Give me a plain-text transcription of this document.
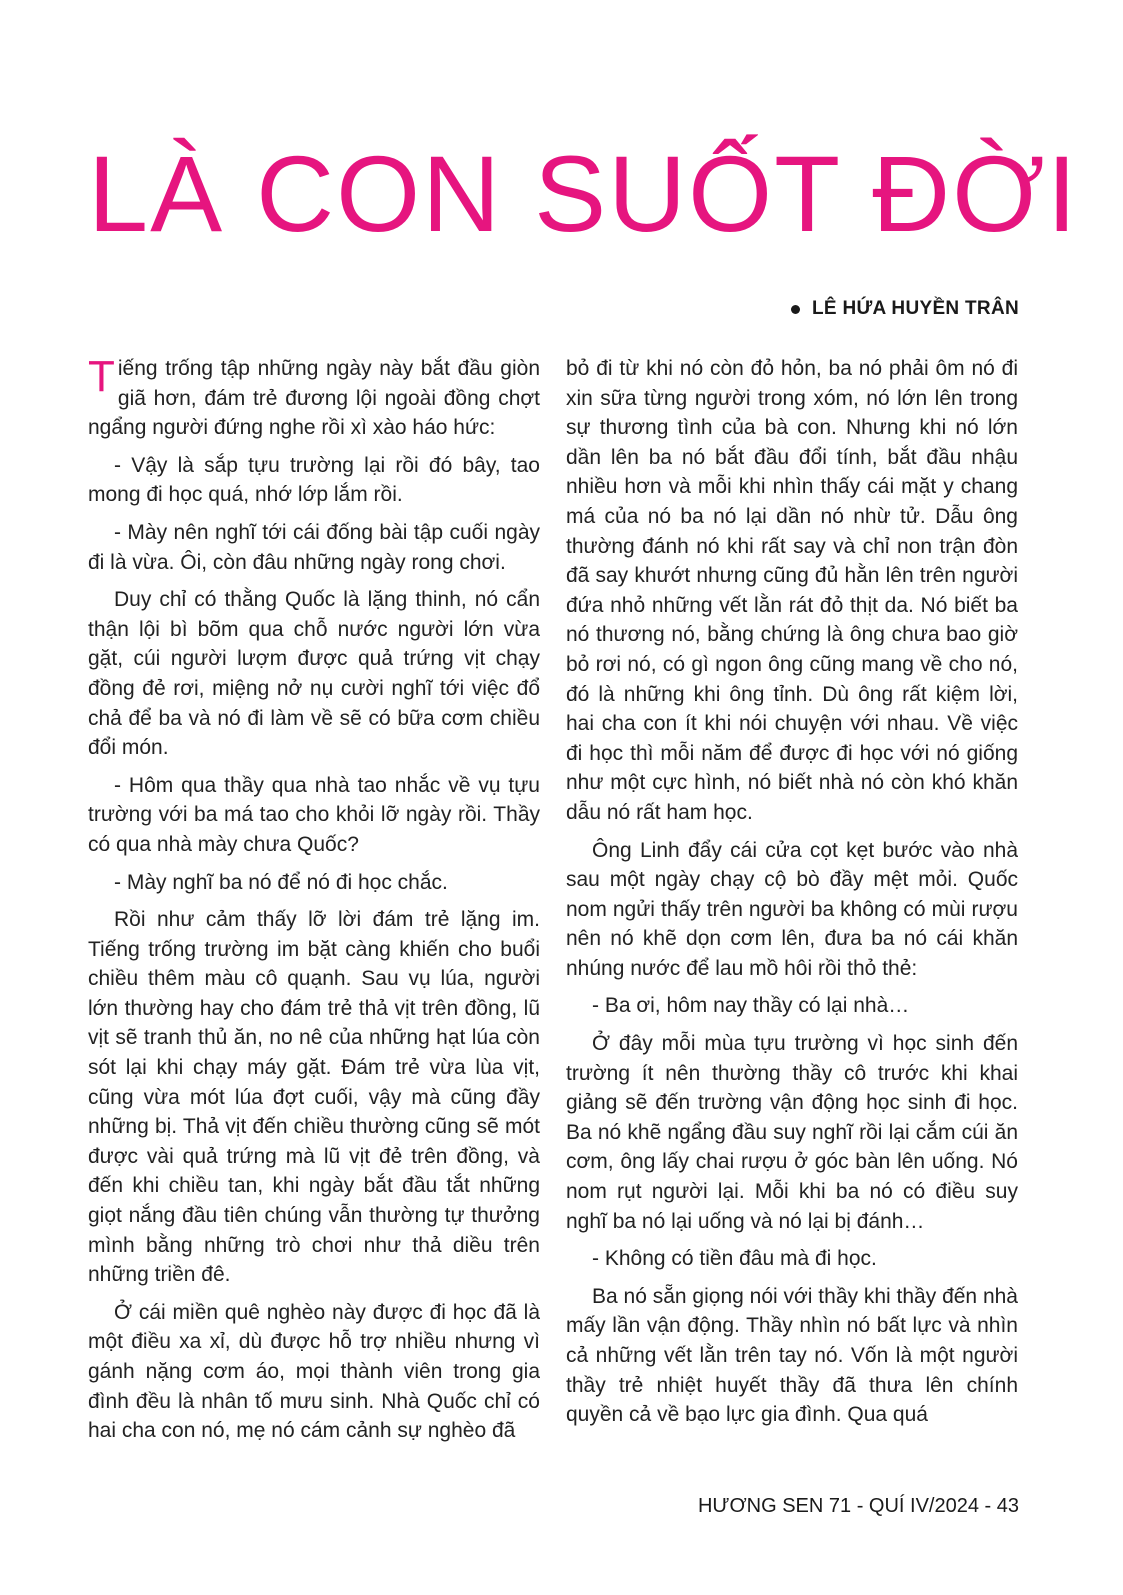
LÀ CON SUỐT ĐỜI
LÊ HỨA HUYỀN TRÂN

Tiếng trống tập những ngày này bắt đầu giòn giã hơn, đám trẻ đương lội ngoài đồng chợt ngẩng người đứng nghe rồi xì xào háo hức:

- Vậy là sắp tựu trường lại rồi đó bây, tao mong đi học quá, nhớ lớp lắm rồi.

- Mày nên nghĩ tới cái đống bài tập cuối ngày đi là vừa. Ôi, còn đâu những ngày rong chơi.

Duy chỉ có thằng Quốc là lặng thinh, nó cẩn thận lội bì bõm qua chỗ nước người lớn vừa gặt, cúi người lượm được quả trứng vịt chạy đồng đẻ rơi, miệng nở nụ cười nghĩ tới việc đổ chả để ba và nó đi làm về sẽ có bữa cơm chiều đổi món.

- Hôm qua thầy qua nhà tao nhắc về vụ tựu trường với ba má tao cho khỏi lỡ ngày rồi. Thầy có qua nhà mày chưa Quốc?

- Mày nghĩ ba nó để nó đi học chắc.

Rồi như cảm thấy lỡ lời đám trẻ lặng im. Tiếng trống trường im bặt càng khiến cho buổi chiều thêm màu cô quạnh. Sau vụ lúa, người lớn thường hay cho đám trẻ thả vịt trên đồng, lũ vịt sẽ tranh thủ ăn, no nê của những hạt lúa còn sót lại khi chạy máy gặt. Đám trẻ vừa lùa vịt, cũng vừa mót lúa đợt cuối, vậy mà cũng đầy những bị. Thả vịt đến chiều thường cũng sẽ mót được vài quả trứng mà lũ vịt đẻ trên đồng, và đến khi chiều tan, khi ngày bắt đầu tắt những giọt nắng đầu tiên chúng vẫn thường tự thưởng mình bằng những trò chơi như thả diều trên những triền đê.

Ở cái miền quê nghèo này được đi học đã là một điều xa xỉ, dù được hỗ trợ nhiều nhưng vì gánh nặng cơm áo, mọi thành viên trong gia đình đều là nhân tố mưu sinh. Nhà Quốc chỉ có hai cha con nó, mẹ nó cám cảnh sự nghèo đã

bỏ đi từ khi nó còn đỏ hỏn, ba nó phải ôm nó đi xin sữa từng người trong xóm, nó lớn lên trong sự thương tình của bà con. Nhưng khi nó lớn dần lên ba nó bắt đầu đổi tính, bắt đầu nhậu nhiều hơn và mỗi khi nhìn thấy cái mặt y chang má của nó ba nó lại dần nó nhừ tử. Dẫu ông thường đánh nó khi rất say và chỉ non trận đòn đã say khướt nhưng cũng đủ hằn lên trên người đứa nhỏ những vết lằn rát đỏ thịt da. Nó biết ba nó thương nó, bằng chứng là ông chưa bao giờ bỏ rơi nó, có gì ngon ông cũng mang về cho nó, đó là những khi ông tỉnh. Dù ông rất kiệm lời, hai cha con ít khi nói chuyện với nhau. Về việc đi học thì mỗi năm để được đi học với nó giống như một cực hình, nó biết nhà nó còn khó khăn dẫu nó rất ham học.

Ông Linh đẩy cái cửa cọt kẹt bước vào nhà sau một ngày chạy cộ bò đầy mệt mỏi. Quốc nom ngửi thấy trên người ba không có mùi rượu nên nó khẽ dọn cơm lên, đưa ba nó cái khăn nhúng nước để lau mồ hôi rồi thỏ thẻ:

- Ba ơi, hôm nay thầy có lại nhà…

Ở đây mỗi mùa tựu trường vì học sinh đến trường ít nên thường thầy cô trước khi khai giảng sẽ đến trường vận động học sinh đi học. Ba nó khẽ ngẩng đầu suy nghĩ rồi lại cắm cúi ăn cơm, ông lấy chai rượu ở góc bàn lên uống. Nó nom rụt người lại. Mỗi khi ba nó có điều suy nghĩ ba nó lại uống và nó lại bị đánh…

- Không có tiền đâu mà đi học.

Ba nó sẵn giọng nói với thầy khi thầy đến nhà mấy lần vận động. Thầy nhìn nó bất lực và nhìn cả những vết lằn trên tay nó. Vốn là một người thầy trẻ nhiệt huyết thầy đã thưa lên chính quyền cả về bạo lực gia đình. Qua quá

HƯƠNG SEN 71 - QUÍ IV/2024 - 43
